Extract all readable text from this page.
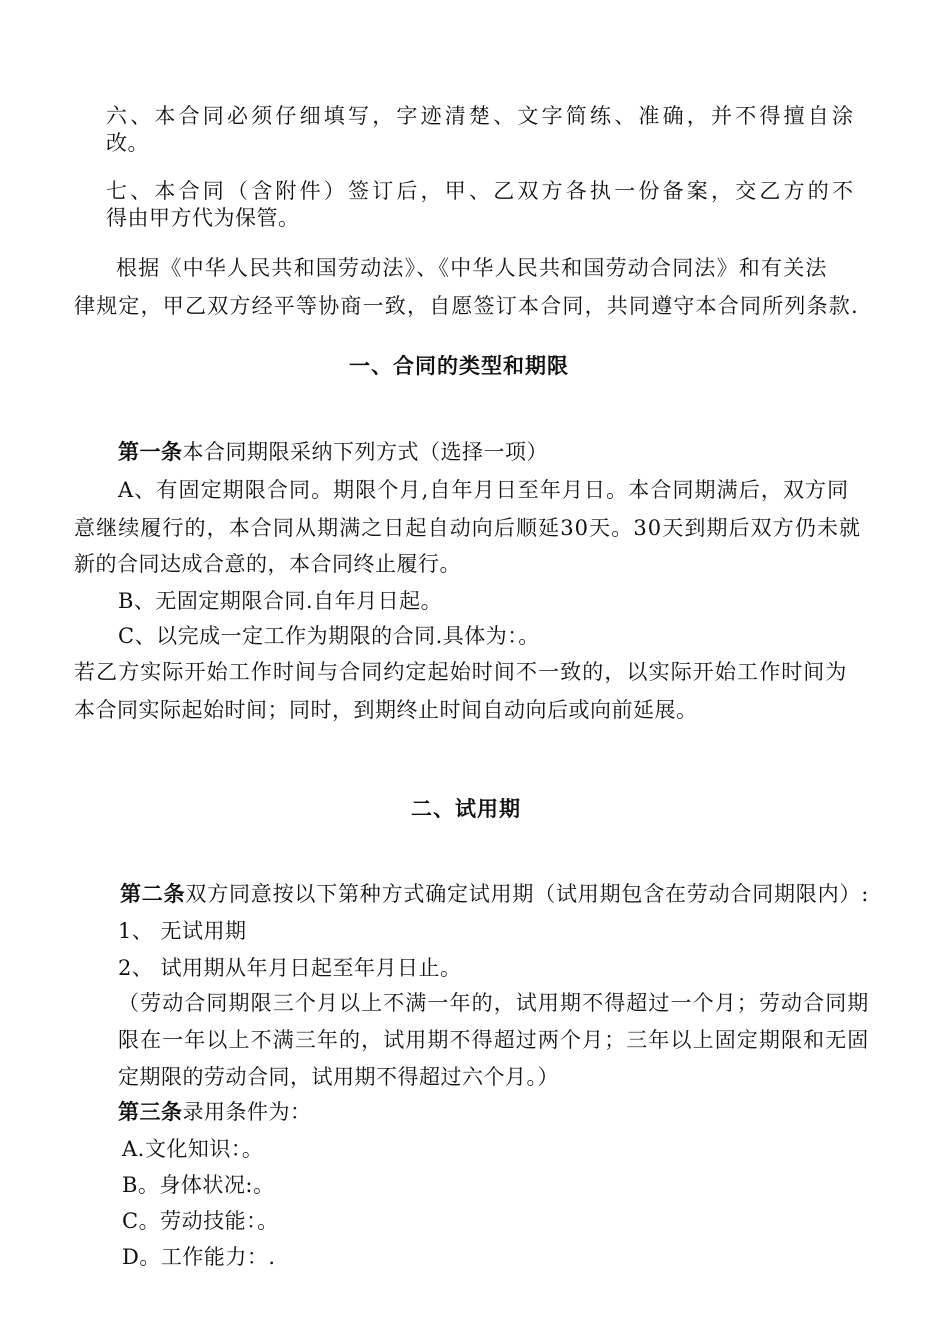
六、本合同必须仔细填写，字迹清楚、文字简练、准确，并不得擅自涂
改。
七、本合同（含附件）签订后，甲、乙双方各执一份备案，交乙方的不
得由甲方代为保管。
根据《中华人民共和国劳动法》、《中华人民共和国劳动合同法》和有关法
律规定，甲乙双方经平等协商一致，自愿签订本合同，共同遵守本合同所列条款.
一、合同的类型和期限
第一条本合同期限采纳下列方式（选择一项）
A、有固定期限合同。期限个月,自年月日至年月日。本合同期满后，双方同
意继续履行的，本合同从期满之日起自动向后顺延30天。30天到期后双方仍未就
新的合同达成合意的，本合同终止履行。
B、无固定期限合同.自年月日起。
C、以完成一定工作为期限的合同.具体为：。
若乙方实际开始工作时间与合同约定起始时间不一致的，以实际开始工作时间为
本合同实际起始时间；同时，到期终止时间自动向后或向前延展。
二、试用期
第二条双方同意按以下第种方式确定试用期（试用期包含在劳动合同期限内）:
1、 无试用期
2、 试用期从年月日起至年月日止。
（劳动合同期限三个月以上不满一年的，试用期不得超过一个月；劳动合同期
限在一年以上不满三年的，试用期不得超过两个月；三年以上固定期限和无固
定期限的劳动合同，试用期不得超过六个月。）
第三条录用条件为：
A.文化知识：。
B。身体状况:。
C。劳动技能：。
D。工作能力：.
